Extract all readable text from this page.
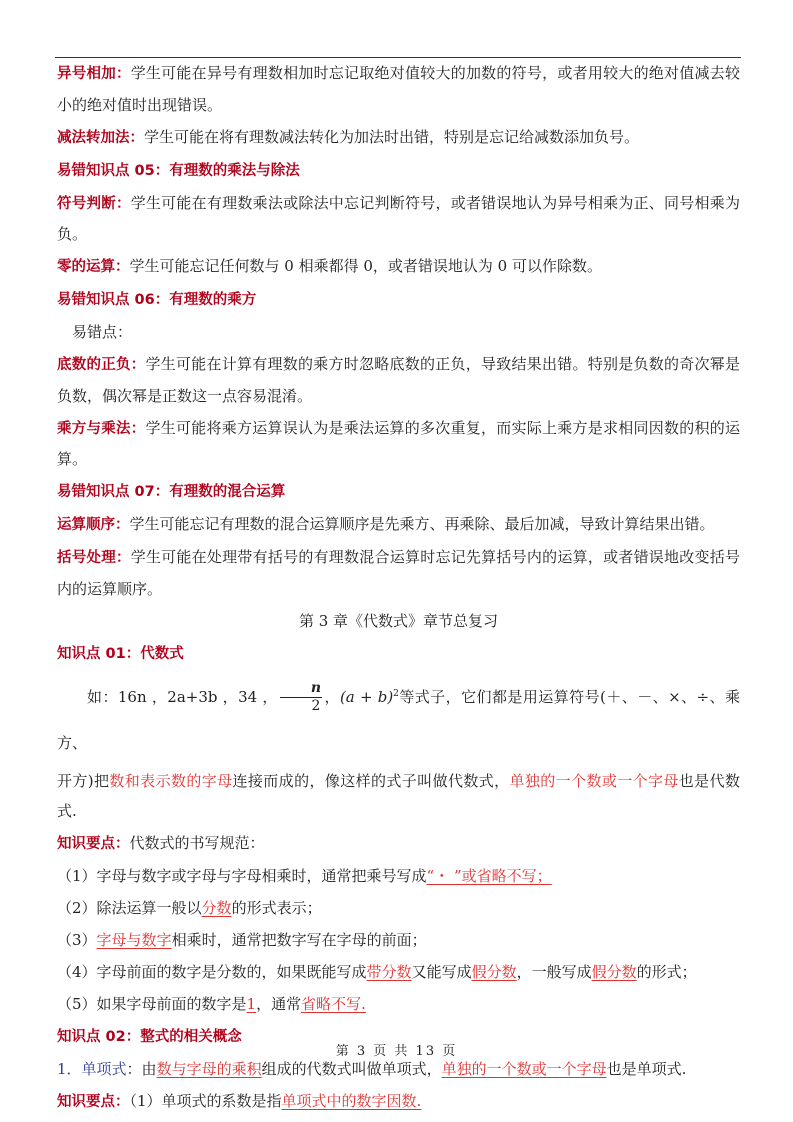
异号相加：学生可能在异号有理数相加时忘记取绝对值较大的加数的符号，或者用较大的绝对值减去较小的绝对值时出现错误。
减法转加法：学生可能在将有理数减法转化为加法时出错，特别是忘记给减数添加负号。
易错知识点 05：有理数的乘法与除法
符号判断：学生可能在有理数乘法或除法中忘记判断符号，或者错误地认为异号相乘为正、同号相乘为负。
零的运算：学生可能忘记任何数与 0 相乘都得 0，或者错误地认为 0 可以作除数。
易错知识点 06：有理数的乘方
　易错点：
底数的正负：学生可能在计算有理数的乘方时忽略底数的正负，导致结果出错。特别是负数的奇次幂是负数，偶次幂是正数这一点容易混淆。
乘方与乘法：学生可能将乘方运算误认为是乘法运算的多次重复，而实际上乘方是求相同因数的积的运算。
易错知识点 07：有理数的混合运算
运算顺序：学生可能忘记有理数的混合运算顺序是先乘方、再乘除、最后加减，导致计算结果出错。
括号处理：学生可能在处理带有括号的有理数混合运算时忘记先算括号内的运算，或者错误地改变括号内的运算顺序。
第 3 章《代数式》章节总复习
知识点 01：代数式
如：16n ，2a+3b ，34 ， $\frac{n}{2}$ ，$(a + b)^2$等式子，它们都是用运算符号(＋、－、×、÷、乘方、
开方)把数和表示数的字母连接而成的，像这样的式子叫做代数式，单独的一个数或一个字母也是代数式.
知识要点：代数式的书写规范：
（1）字母与数字或字母与字母相乘时，通常把乘号写成“・ ”或省略不写；
（2）除法运算一般以分数的形式表示；
（3）字母与数字相乘时，通常把数字写在字母的前面；
（4）字母前面的数字是分数的，如果既能写成带分数又能写成假分数，一般写成假分数的形式；
（5）如果字母前面的数字是1，通常省略不写.
知识点 02：整式的相关概念
1．单项式：由数与字母的乘积组成的代数式叫做单项式，单独的一个数或一个字母也是单项式.
知识要点：（1）单项式的系数是指单项式中的数字因数.
第 3 页 共 13 页
